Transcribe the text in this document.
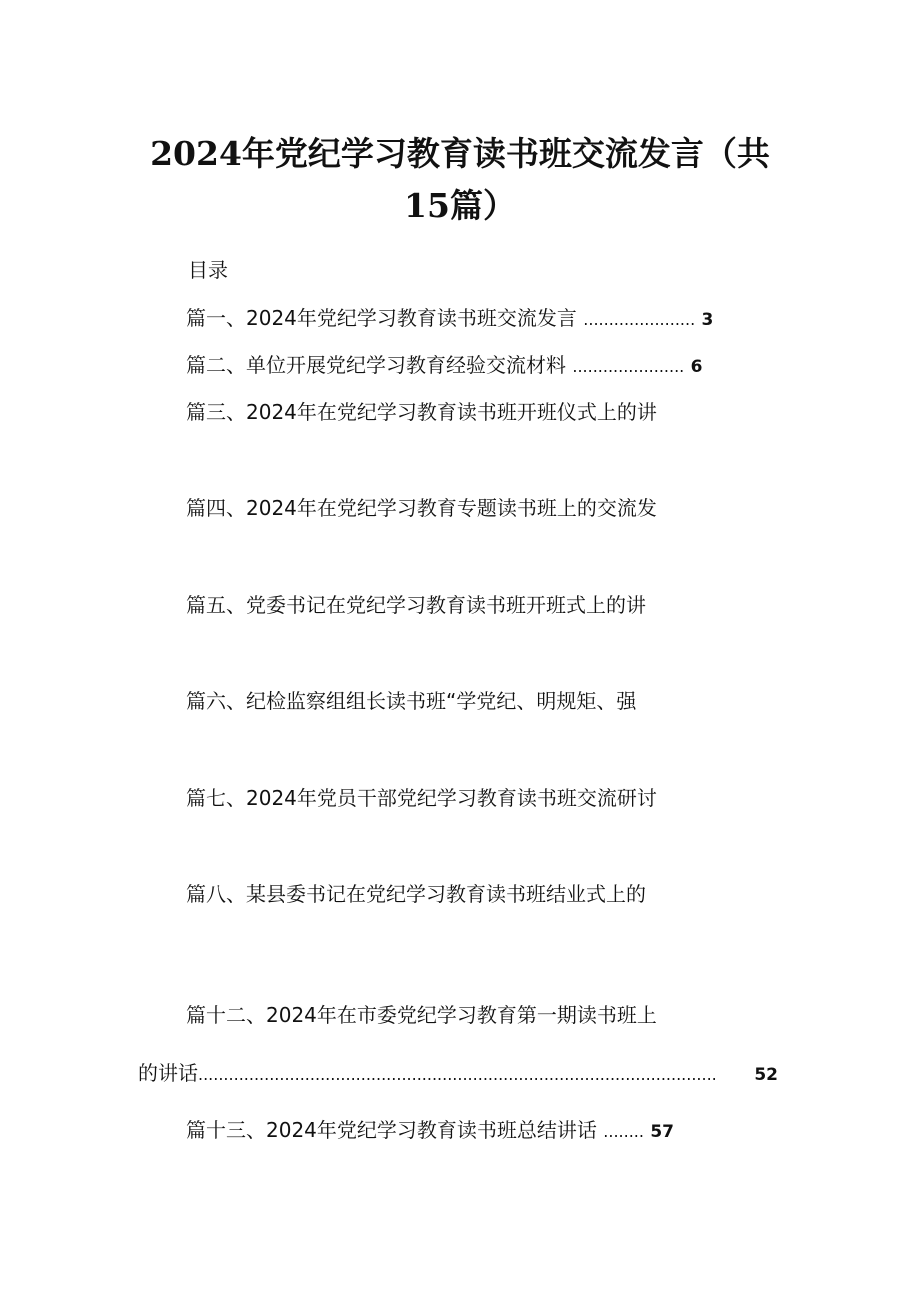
2024年党纪学习教育读书班交流发言（共
15篇）
目录
篇一、2024年党纪学习教育读书班交流发言 ...................... 3
篇二、单位开展党纪学习教育经验交流材料 ...................... 6
篇三、2024年在党纪学习教育读书班开班仪式上的讲
篇四、2024年在党纪学习教育专题读书班上的交流发
篇五、党委书记在党纪学习教育读书班开班式上的讲
篇六、纪检监察组组长读书班“学党纪、明规矩、强
篇七、2024年党员干部党纪学习教育读书班交流研讨
篇八、某县委书记在党纪学习教育读书班结业式上的
篇十二、2024年在市委党纪学习教育第一期读书班上
的讲话 ......................................................................................................	52
篇十三、2024年党纪学习教育读书班总结讲话 ........ 57
